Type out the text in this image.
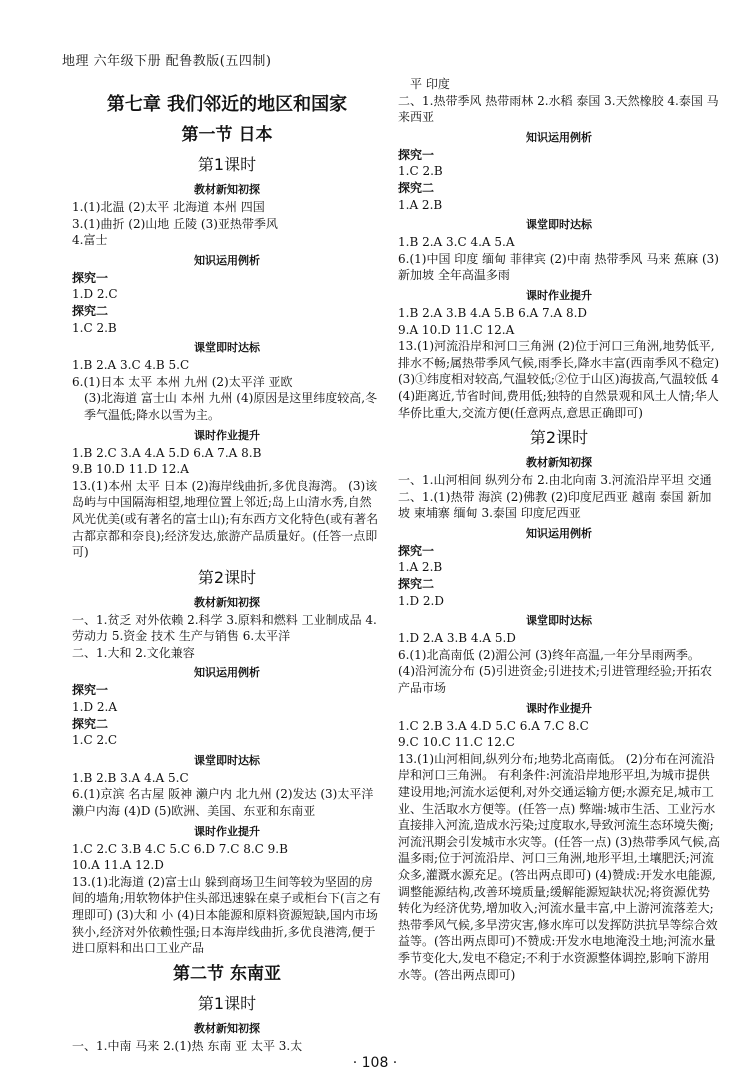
地理 六年级下册 配鲁教版(五四制)
第七章 我们邻近的地区和国家
第一节 日本
第1课时
教材新知初探
1.(1)北温 (2)太平 北海道 本州 四国
3.(1)曲折 (2)山地 丘陵 (3)亚热带季风
4.富士
知识运用例析
探究一
1.D 2.C
探究二
1.C 2.B
课堂即时达标
1.B 2.A 3.C 4.B 5.C
6.(1)日本 太平 本州 九州 (2)太平洋 亚欧
(3)北海道 富士山 本州 九州 (4)原因是这里纬度较高,冬季气温低;降水以雪为主。
课时作业提升
1.B 2.C 3.A 4.A 5.D 6.A 7.A 8.B
9.B 10.D 11.D 12.A
13.(1)本州 太平 日本 (2)海岸线曲折,多优良海湾。 (3)该岛屿与中国隔海相望,地理位置上邻近;岛上山清水秀,自然风光优美(或有著名的富士山);有东西方文化特色(或有著名古都京都和奈良);经济发达,旅游产品质量好。(任答一点即可)
第2课时
教材新知初探
一、1.贫乏 对外依赖 2.科学 3.原料和燃料 工业制成品 4.劳动力 5.资金 技术 生产与销售 6.太平洋
二、1.大和 2.文化兼容
知识运用例析
探究一
1.D 2.A
探究二
1.C 2.C
课堂即时达标
1.B 2.B 3.A 4.A 5.C
6.(1)京滨 名古屋 阪神 濑户内 北九州 (2)发达 (3)太平洋 濑户内海 (4)D (5)欧洲、美国、东亚和东南亚
课时作业提升
1.C 2.C 3.B 4.C 5.C 6.D 7.C 8.C 9.B
10.A 11.A 12.D
13.(1)北海道 (2)富士山 躲到商场卫生间等较为坚固的房间的墙角;用软物体护住头部迅速躲在桌子或柜台下(言之有理即可) (3)大和 小 (4)日本能源和原料资源短缺,国内市场狭小,经济对外依赖性强;日本海岸线曲折,多优良港湾,便于进口原料和出口工业产品
第二节 东南亚
第1课时
教材新知初探
一、1.中南 马来 2.(1)热 东南 亚 太平 3.太
平 印度
二、1.热带季风 热带雨林 2.水稻 泰国 3.天然橡胶 4.泰国 马来西亚
知识运用例析
探究一
1.C 2.B
探究二
1.A 2.B
课堂即时达标
1.B 2.A 3.C 4.A 5.A
6.(1)中国 印度 缅甸 菲律宾 (2)中南 热带季风 马来 蕉麻 (3)新加坡 全年高温多雨
课时作业提升
1.B 2.A 3.B 4.A 5.B 6.A 7.A 8.D
9.A 10.D 11.C 12.A
13.(1)河流沿岸和河口三角洲 (2)位于河口三角洲,地势低平,排水不畅;属热带季风气候,雨季长,降水丰富(西南季风不稳定) (3)①纬度相对较高,气温较低;②位于山区)海拔高,气温较低 4 (4)距离近,节省时间,费用低;独特的自然景观和风土人情;华人华侨比重大,交流方便(任意两点,意思正确即可)
第2课时
教材新知初探
一、1.山河相间 纵列分布 2.由北向南 3.河流沿岸平坦 交通
二、1.(1)热带 海滨 (2)佛教 (2)印度尼西亚 越南 泰国 新加坡 柬埔寨 缅甸 3.泰国 印度尼西亚
知识运用例析
探究一
1.A 2.B
探究二
1.D 2.D
课堂即时达标
1.D 2.A 3.B 4.A 5.D
6.(1)北高南低 (2)湄公河 (3)终年高温,一年分旱雨两季。 (4)沿河流分布 (5)引进资金;引进技术;引进管理经验;开拓农产品市场
课时作业提升
1.C 2.B 3.A 4.D 5.C 6.A 7.C 8.C
9.C 10.C 11.C 12.C
13.(1)山河相间,纵列分布;地势北高南低。 (2)分布在河流沿岸和河口三角洲。 有利条件:河流沿岸地形平坦,为城市提供建设用地;河流水运便利,对外交通运输方便;水源充足,城市工业、生活取水方便等。(任答一点) 弊端:城市生活、工业污水直接排入河流,造成水污染;过度取水,导致河流生态环境失衡;河流汛期会引发城市水灾等。(任答一点) (3)热带季风气候,高温多雨;位于河流沿岸、河口三角洲,地形平坦,土壤肥沃;河流众多,灌溉水源充足。(答出两点即可) (4)赞成:开发水电能源,调整能源结构,改善环境质量;缓解能源短缺状况;将资源优势转化为经济优势,增加收入;河流水量丰富,中上游河流落差大;热带季风气候,多旱涝灾害,修水库可以发挥防洪抗旱等综合效益等。(答出两点即可)不赞成:开发水电地淹没土地;河流水量季节变化大,发电不稳定;不利于水资源整体调控,影响下游用水等。(答出两点即可)
· 108 ·
